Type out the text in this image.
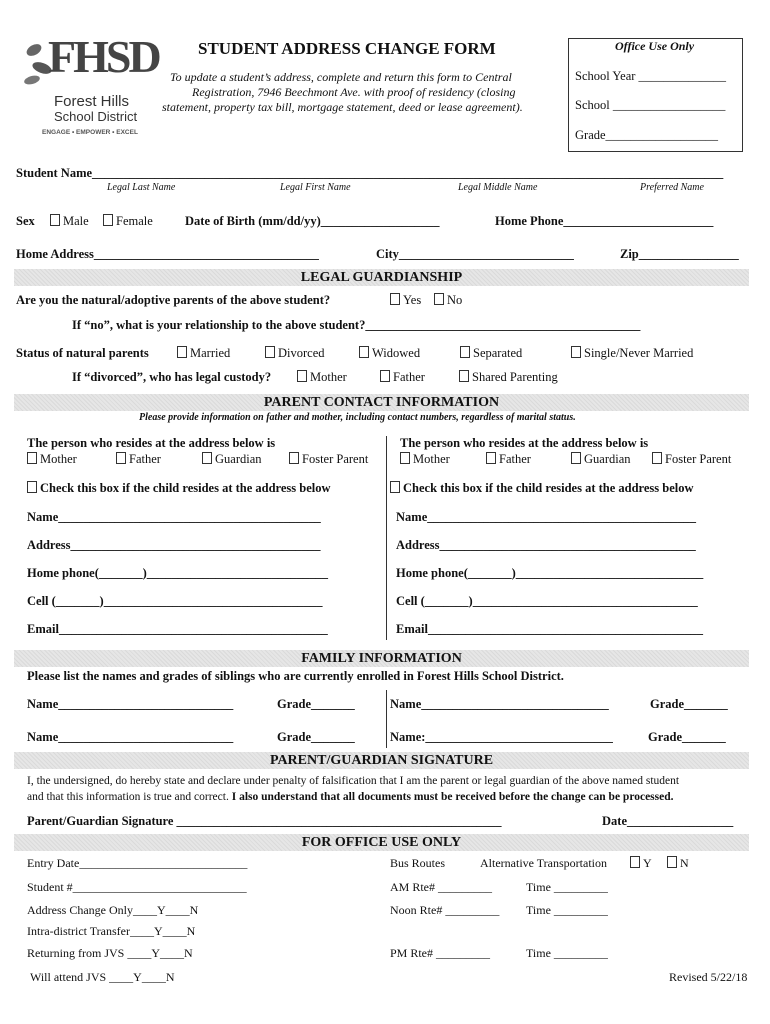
FHSD
Forest Hills
School District
ENGAGE • EMPOWER • EXCEL
STUDENT ADDRESS CHANGE FORM
To update a student’s address, complete and return this form to Central
Registration, 7946 Beechmont Ave. with proof of residency (closing
statement, property tax bill, mortgage statement, deed or lease agreement).
Office Use Only
School Year ______________
School __________________
Grade__________________
Student Name_____________________________________________________________________________________________________
Legal Last Name	Legal First Name	Legal Middle Name	Preferred Name
Sex	Male	Female	Date of Birth (mm/dd/yy)___________________	Home Phone________________________
Home Address____________________________________	City____________________________	Zip________________
LEGAL GUARDIANSHIP
Are you the natural/adoptive parents of the above student?	Yes	No
If “no”, what is your relationship to the above student?____________________________________________
Status of natural parents	Married	Divorced	Widowed	Separated	Single/Never Married
If “divorced”, who has legal custody?	Mother	Father	Shared Parenting
PARENT CONTACT INFORMATION
Please provide information on father and mother, including contact numbers, regardless of marital status.
The person who resides at the address below is
Mother	Father	Guardian	Foster Parent
Check this box if the child resides at the address below
Name__________________________________________
Address________________________________________
Home phone(_______)_____________________________
Cell (_______)___________________________________
Email___________________________________________
The person who resides at the address below is
Mother	Father	Guardian	Foster Parent
Check this box if the child resides at the address below
Name___________________________________________
Address_________________________________________
Home phone(_______)______________________________
Cell (_______)____________________________________
Email____________________________________________
FAMILY INFORMATION
Please list the names and grades of siblings who are currently enrolled in Forest Hills School District.
Name____________________________	Grade_______
Name____________________________	Grade_______
Name______________________________	Grade_______
Name:______________________________	Grade_______
PARENT/GUARDIAN SIGNATURE
I, the undersigned, do hereby state and declare under penalty of falsification that I am the parent or legal guardian of the above named student
and that this information is true and correct. I also understand that all documents must be received before the change can be processed.
Parent/Guardian Signature ____________________________________________________	Date_________________
FOR OFFICE USE ONLY
Entry Date____________________________
Student #_____________________________
Address Change Only____Y____N
Intra-district Transfer____Y____N
Returning from JVS ____Y____N
Will attend JVS ____Y____N
Bus Routes	Alternative Transportation	Y	N
AM Rte# _________	Time _________
Noon Rte# _________ Time _________
PM Rte# _________	Time _________
Revised 5/22/18
